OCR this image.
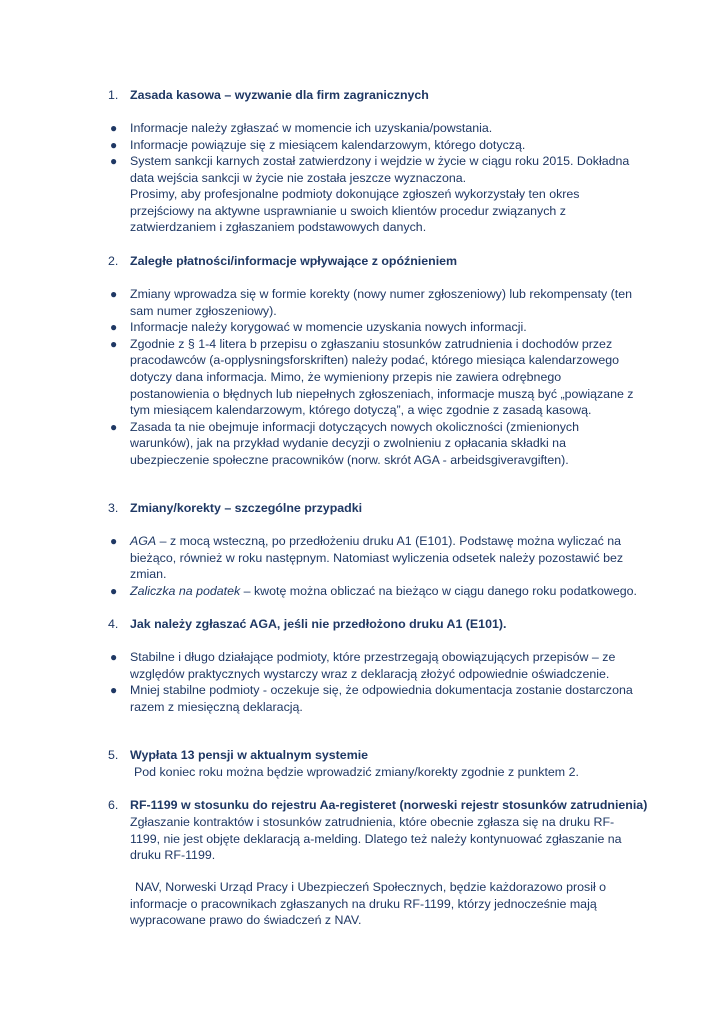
1. Zasada kasowa – wyzwanie dla firm zagranicznych
● Informacje należy zgłaszać w momencie ich uzyskania/powstania.
● Informacje powiązuje się z miesiącem kalendarzowym, którego dotyczą.
● System sankcji karnych został zatwierdzony i wejdzie w życie w ciągu roku 2015. Dokładna data wejścia sankcji w życie nie została jeszcze wyznaczona.
Prosimy, aby profesjonalne podmioty dokonujące zgłoszeń wykorzystały ten okres przejściowy na aktywne usprawnianie u swoich klientów procedur związanych z zatwierdzaniem i zgłaszaniem podstawowych danych.
2. Zaległe płatności/informacje wpływające z opóźnieniem
● Zmiany wprowadza się w formie korekty (nowy numer zgłoszeniowy) lub rekompensaty (ten sam numer zgłoszeniowy).
● Informacje należy korygować w momencie uzyskania nowych informacji.
● Zgodnie z § 1-4 litera b przepisu o zgłaszaniu stosunków zatrudnienia i dochodów przez pracodawców (a-opplysningsforskriften) należy podać, którego miesiąca kalendarzowego dotyczy dana informacja. Mimo, że wymieniony przepis nie zawiera odrębnego postanowienia o błędnych lub niepełnych zgłoszeniach, informacje muszą być „powiązane z tym miesiącem kalendarzowym, którego dotyczą”, a więc zgodnie z zasadą kasową.
● Zasada ta nie obejmuje informacji dotyczących nowych okoliczności (zmienionych warunków), jak na przykład wydanie decyzji o zwolnieniu z opłacania składki na ubezpieczenie społeczne pracowników (norw. skrót AGA - arbeidsgiveravgiften).
3. Zmiany/korekty – szczególne przypadki
● AGA – z mocą wsteczną, po przedłożeniu druku A1 (E101). Podstawę można wyliczać na bieżąco, również w roku następnym. Natomiast wyliczenia odsetek należy pozostawić bez zmian.
● Zaliczka na podatek – kwotę można obliczać na bieżąco w ciągu danego roku podatkowego.
4. Jak należy zgłaszać AGA, jeśli nie przedłożono druku A1 (E101).
● Stabilne i długo działające podmioty, które przestrzegają obowiązujących przepisów – ze względów praktycznych wystarczy wraz z deklaracją złożyć odpowiednie oświadczenie.
● Mniej stabilne podmioty - oczekuje się, że odpowiednia dokumentacja zostanie dostarczona razem z miesięczną deklaracją.
5. Wypłata 13 pensji w aktualnym systemie
Pod koniec roku można będzie wprowadzić zmiany/korekty zgodnie z punktem 2.
6. RF-1199 w stosunku do rejestru Aa-registeret (norweski rejestr stosunków zatrudnienia)
Zgłaszanie kontraktów i stosunków zatrudnienia, które obecnie zgłasza się na druku RF-1199, nie jest objęte deklaracją a-melding. Dlatego też należy kontynuować zgłaszanie na druku RF-1199.
NAV, Norweski Urząd Pracy i Ubezpieczeń Społecznych, będzie każdorazowo prosił o informacje o pracownikach zgłaszanych na druku RF-1199, którzy jednocześnie mają wypracowane prawo do świadczeń z NAV.
